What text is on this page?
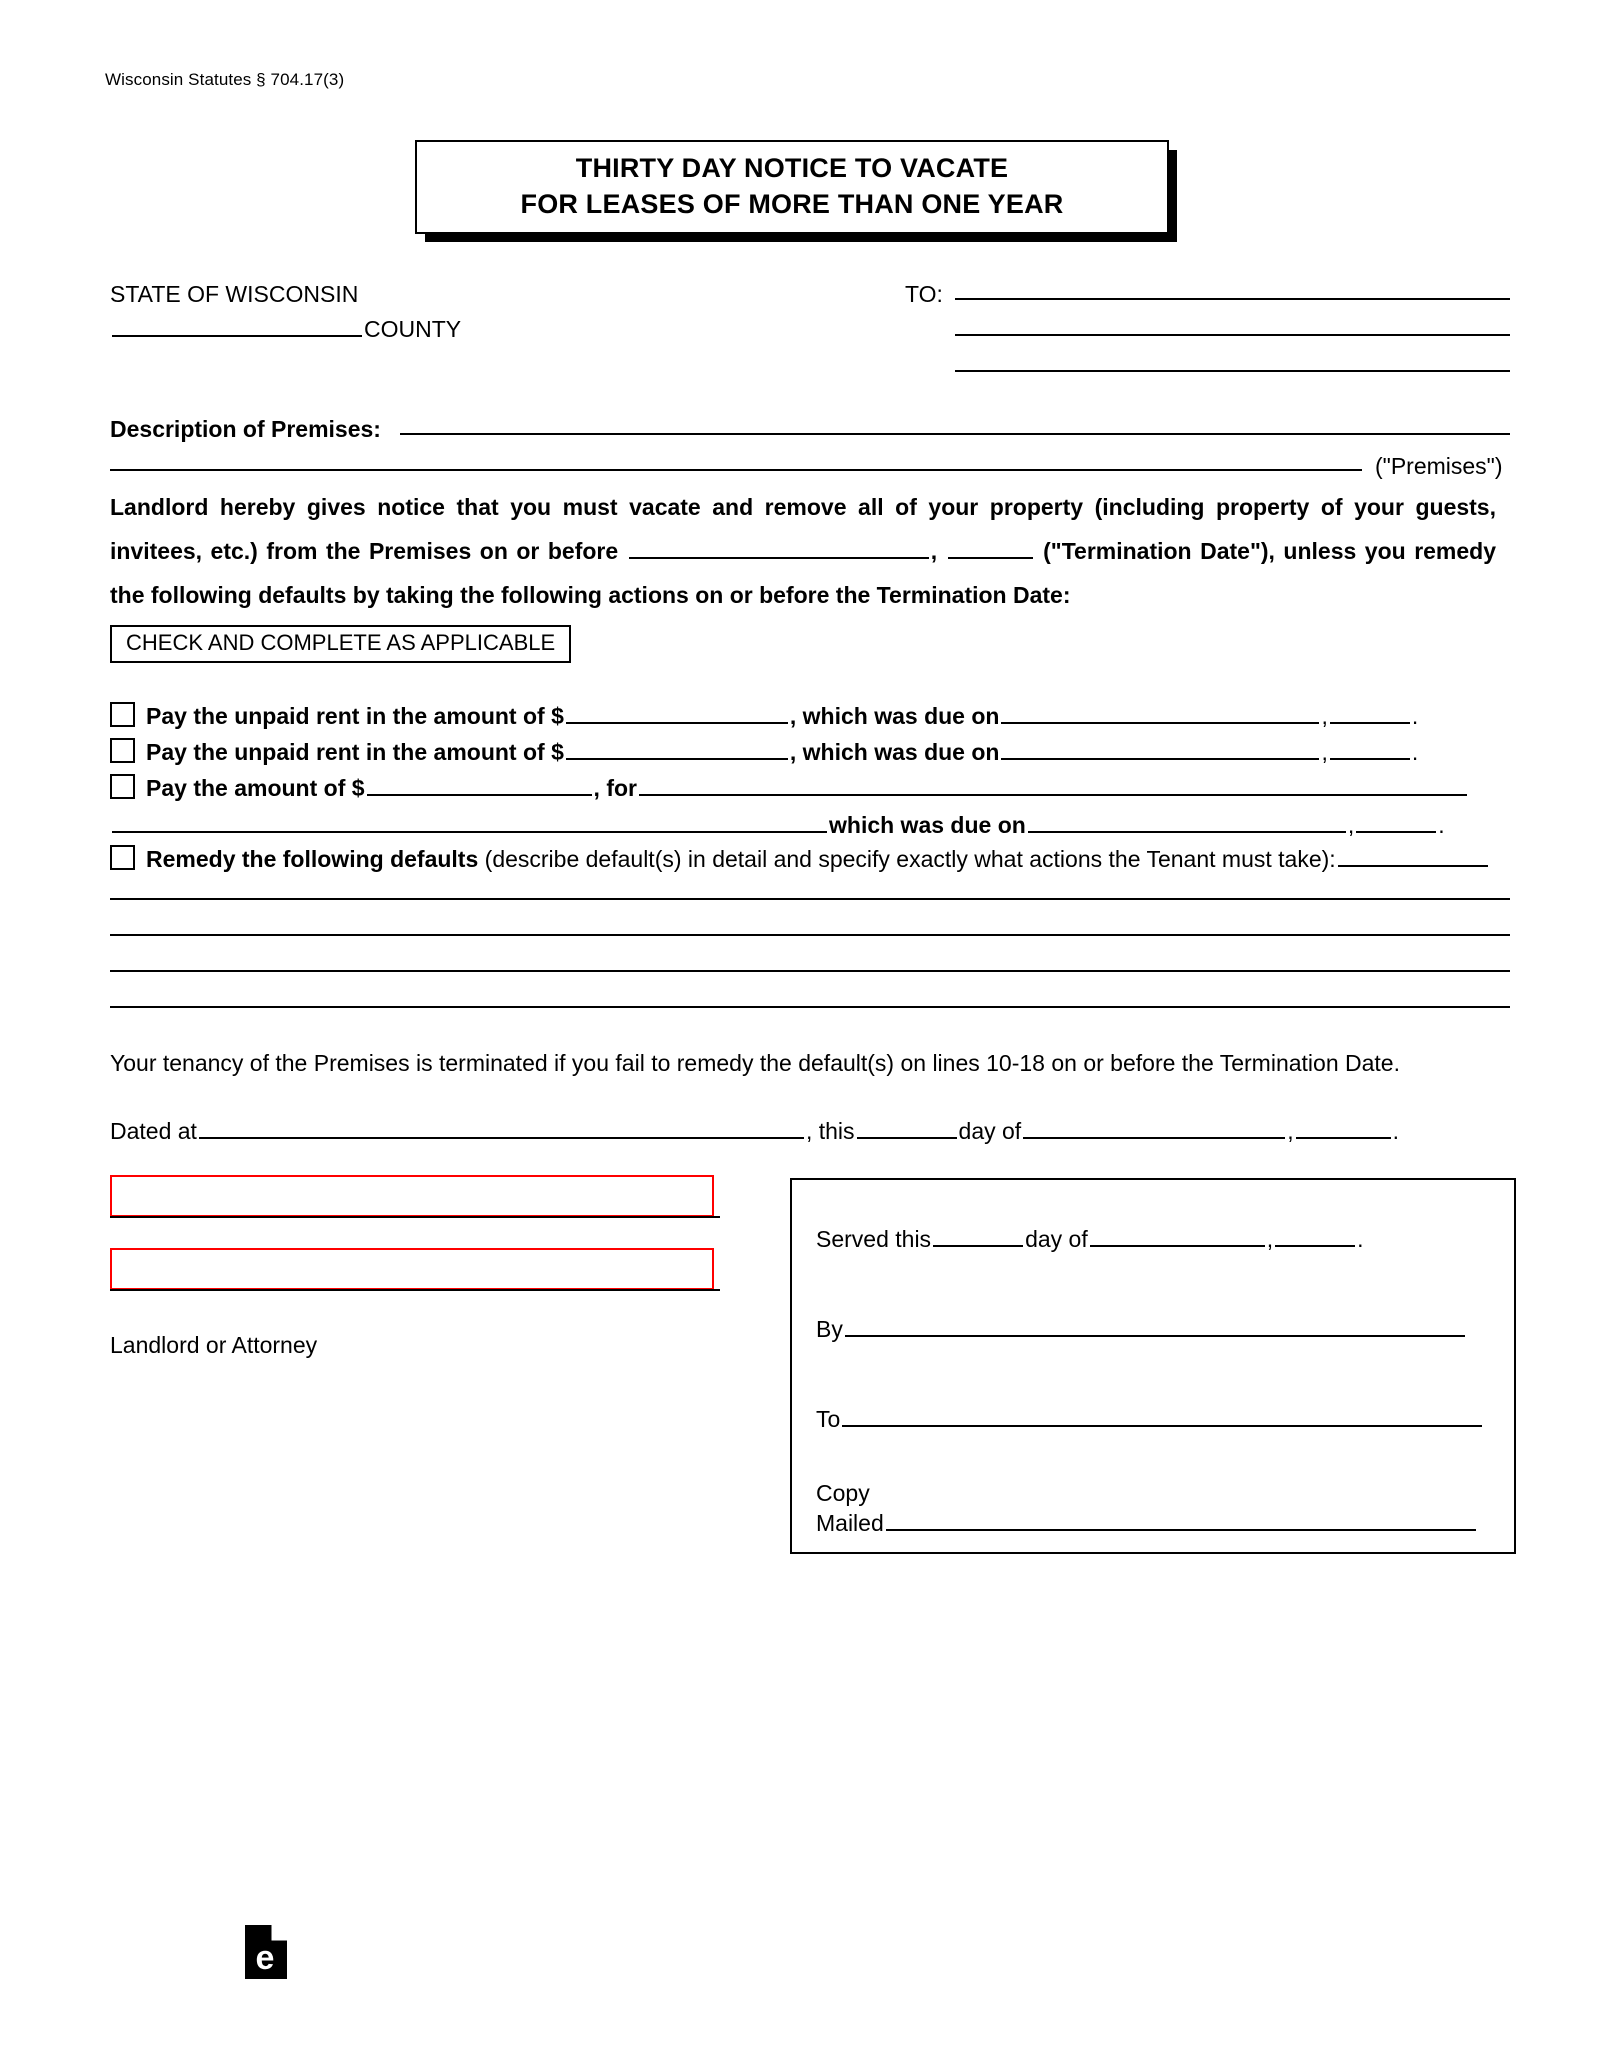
Wisconsin Statutes § 704.17(3)
THIRTY DAY NOTICE TO VACATE
FOR LEASES OF MORE THAN ONE YEAR
STATE OF WISCONSIN
COUNTY
TO:
Description of Premises:
("Premises")
Landlord hereby gives notice that you must vacate and remove all of your property (including property of your guests, invitees, etc.) from the Premises on or before	,	("Termination Date"), unless you remedy the following defaults by taking the following actions on or before the Termination Date:
CHECK AND COMPLETE AS APPLICABLE
Pay the unpaid rent in the amount of $	, which was due on	,	.
Pay the unpaid rent in the amount of $	, which was due on	,	.
Pay the amount of $	, for
which was due on	,	.
Remedy the following defaults (describe default(s) in detail and specify exactly what actions the Tenant must take):
Your tenancy of the Premises is terminated if you fail to remedy the default(s) on lines 10-18 on or before the Termination Date.
Dated at	, this	day of	,	.
Landlord or Attorney
Served this	day of	,	.
By
To
Copy
Mailed
e
